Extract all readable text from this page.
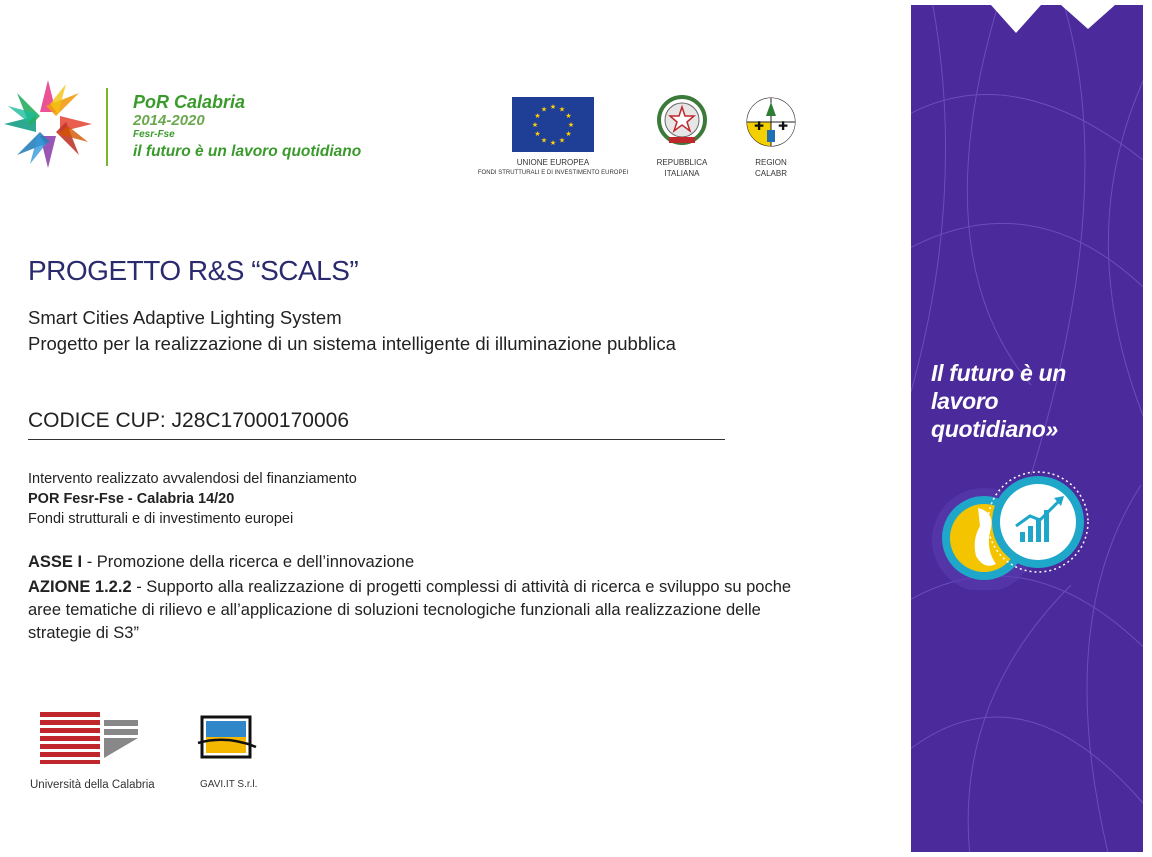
PoR Calabria
2014-2020
Fesr-Fse
il futuro è un lavoro quotidiano
★ ★
★
★
★
★
★
★
★
★
★
★
UNIONE EUROPEA
FONDI STRUTTURALI E DI INVESTIMENTO EUROPEI
REPUBBLICA
ITALIANA
✚ ✚
REGION
CALABR
PROGETTO R&S “SCALS”
Smart Cities Adaptive Lighting System
Progetto per la realizzazione di un sistema intelligente di illuminazione pubblica
CODICE CUP: J28C17000170006
Intervento realizzato avvalendosi del finanziamento
POR Fesr-Fse - Calabria 14/20
Fondi strutturali e di investimento europei

ASSE I - Promozione della ricerca e dell’innovazione

AZIONE 1.2.2 - Supporto alla realizzazione di progetti complessi di attività di ricerca e sviluppo su poche aree tematiche di rilievo e all’applicazione di soluzioni tecnologiche funzionali alla realizzazione delle strategie di S3”

Università della Calabria	GAVI.IT S.r.l.
Il futuro è un
lavoro
quotidiano»
